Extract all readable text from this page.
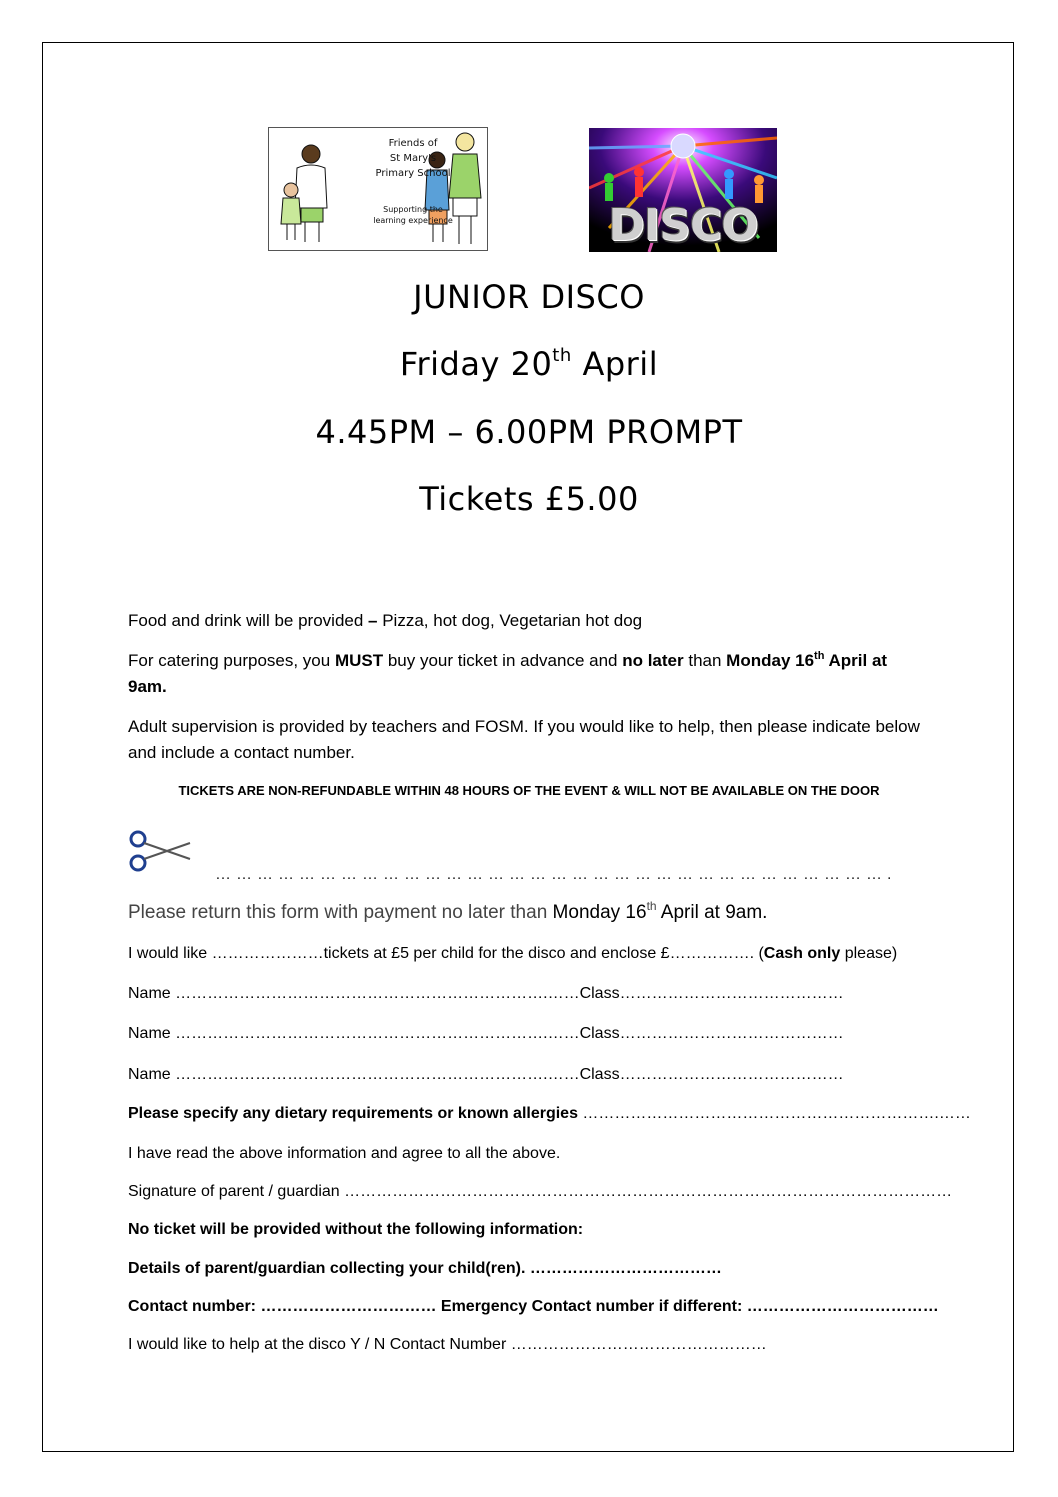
Friends of
St Mary's
Primary School
Supporting the
learning experience	DISCO
JUNIOR DISCO
Friday 20th April
4.45PM – 6.00PM PROMPT
Tickets £5.00
Food and drink will be provided – Pizza, hot dog, Vegetarian hot dog
For catering purposes, you MUST buy your ticket in advance and no later than Monday 16th April at 9am.
Adult supervision is provided by teachers and FOSM. If you would like to help, then please indicate below and include a contact number.
TICKETS ARE NON-REFUNDABLE WITHIN 48 HOURS OF THE EVENT & WILL NOT BE AVAILABLE ON THE DOOR
…………………………………………………………………………………….
Please return this form with payment no later than Monday 16th April at 9am.
I would like …………………tickets at £5 per child for the disco and enclose £……………. (Cash only please)
Name …………………………………………………………….……Class……………………………………
Name …………………………………………………………….……Class……………………………………
Name …………………………………………………………….……Class……………………………………
Please specify any dietary requirements or known allergies ………………………………………………………….……
I have read the above information and agree to all the above.
Signature of parent / guardian ……………………………………………………………………………………………………
No ticket will be provided without the following information:
Details of parent/guardian collecting your child(ren). ………………………………
Contact number: …………………………… Emergency Contact number if different: ………………………………
I would like to help at the disco Y / N Contact Number …………………………………………
